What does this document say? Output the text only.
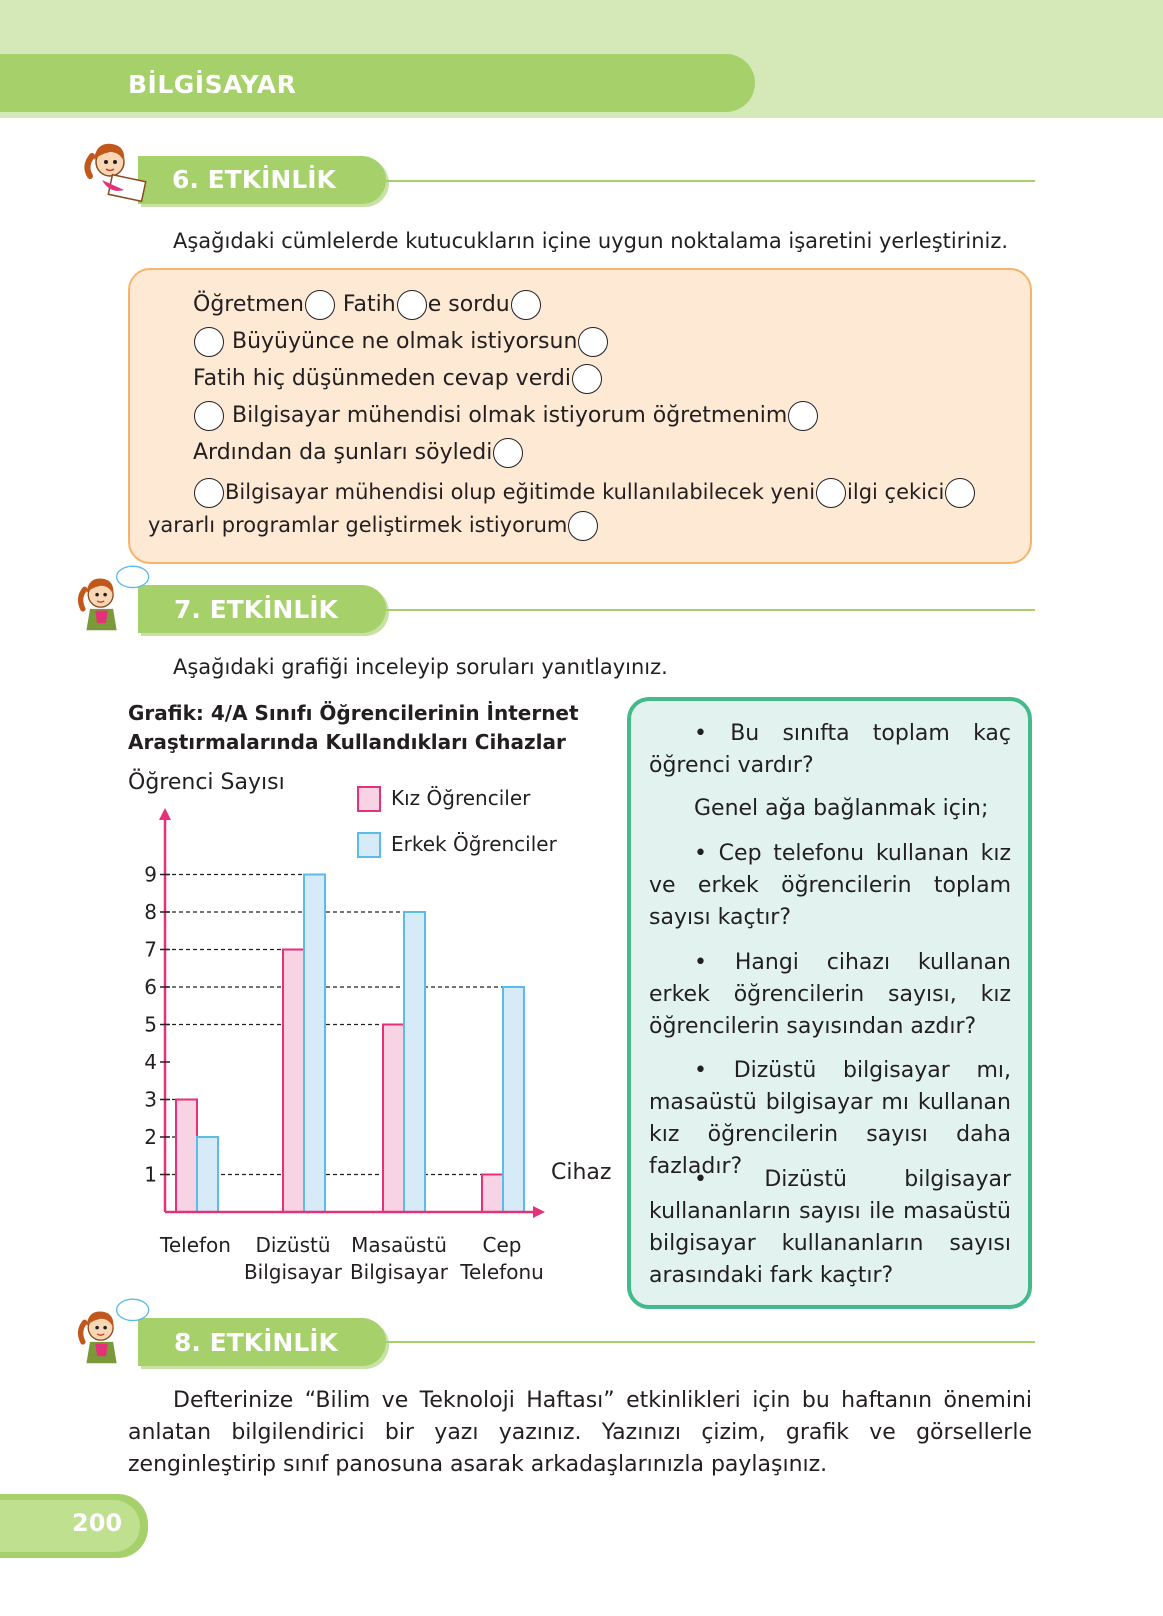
BİLGİSAYAR
6. ETKİNLİK
Aşağıdaki cümlelerde kutucukların içine uygun noktalama işaretini yerleştiriniz.
Öğretmen Fatih e sordu
Büyüyünce ne olmak istiyorsun
Fatih hiç düşünmeden cevap verdi
Bilgisayar mühendisi olmak istiyorum öğretmenim
Ardından da şunları söyledi
Bilgisayar mühendisi olup eğitimde kullanılabilecek yeni ilgi çekici
yararlı programlar geliştirmek istiyorum
7. ETKİNLİK
Aşağıdaki grafiği inceleyip soruları yanıtlayınız.
Grafik: 4/A Sınıfı Öğrencilerinin İnternet
Araştırmalarında Kullandıkları Cihazlar
Öğrenci Sayısı
Kız Öğrenciler
Erkek Öğrenciler
1
2
3
4
5
6
7
8
9
Cihaz
Telefon	Dizüstü
Bilgisayar
Masaüstü
Bilgisayar
Cep
Telefonu

• Bu sınıfta toplam kaç öğrenci vardır?

Genel ağa bağlanmak için;

• Cep telefonu kullanan kız ve erkek öğrencilerin toplam sayısı kaçtır?

• Hangi cihazı kullanan erkek öğrencilerin sayısı, kız öğrencilerin sayısından azdır?

• Dizüstü bilgisayar mı, masaüstü bilgisayar mı kullanan kız öğrencilerin sayısı daha fazladır?

• Dizüstü bilgisayar kullananların sayısı ile masaüstü bilgisayar kullananların sayısı arasındaki fark kaçtır?

8. ETKİNLİK

Defterinize “Bilim ve Teknoloji Haftası” etkinlikleri için bu haftanın önemini anlatan bilgilendirici bir yazı yazınız. Yazınızı çizim, grafik ve görsellerle zenginleştirip sınıf panosuna asarak arkadaşlarınızla paylaşınız.

200
